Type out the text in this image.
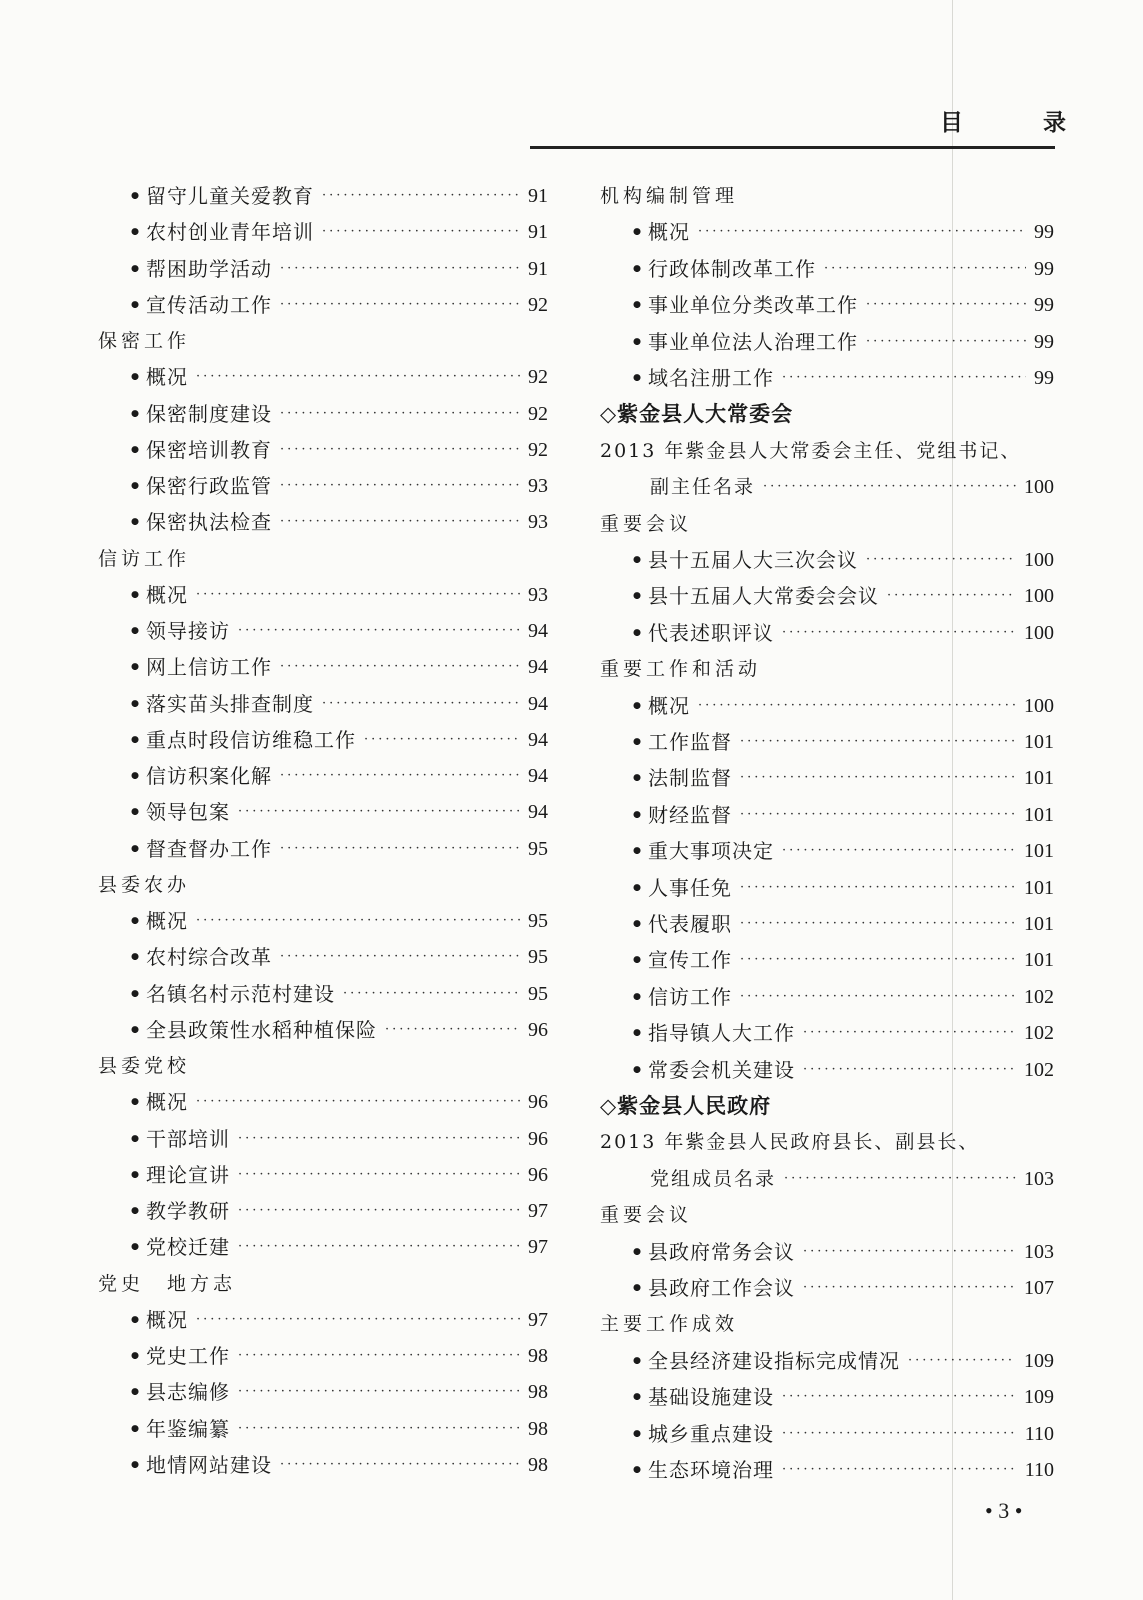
目 录
• 留守儿童关爱教育 ·····	91
• 农村创业青年培训 ·····	91
• 帮困助学活动 ·····	91
• 宣传活动工作 ·····	92
保密工作
• 概况 ·····	92
• 保密制度建设 ·····	92
• 保密培训教育 ·····	92
• 保密行政监管 ·····	93
• 保密执法检查 ·····	93
信访工作
• 概况 ·····	93
• 领导接访 ·····	94
• 网上信访工作 ·····	94
• 落实苗头排查制度 ·····	94
• 重点时段信访维稳工作 ·····	94
• 信访积案化解 ·····	94
• 领导包案 ·····	94
• 督查督办工作 ·····	95
县委农办
• 概况 ·····	95
• 农村综合改革 ·····	95
• 名镇名村示范村建设 ·····	95
• 全县政策性水稻种植保险 ·····	96
县委党校
• 概况 ·····	96
• 干部培训 ·····	96
• 理论宣讲 ·····	96
• 教学教研 ·····	97
• 党校迁建 ·····	97
党史　地方志
• 概况 ·····	97
• 党史工作 ·····	98
• 县志编修 ·····	98
• 年鉴编纂 ·····	98
• 地情网站建设 ·····	98
机构编制管理
• 概况 ·····	99
• 行政体制改革工作 ·····	99
• 事业单位分类改革工作 ·····	99
• 事业单位法人治理工作 ·····	99
• 域名注册工作 ·····	99
◇紫金县人大常委会
2013 年紫金县人大常委会主任、党组书记、
副主任名录 ·····	100
重要会议
• 县十五届人大三次会议 ·····	100
• 县十五届人大常委会会议 ·····	100
• 代表述职评议 ·····	100
重要工作和活动
• 概况 ·····	100
• 工作监督 ·····	101
• 法制监督 ·····	101
• 财经监督 ·····	101
• 重大事项决定 ·····	101
• 人事任免 ·····	101
• 代表履职 ·····	101
• 宣传工作 ·····	101
• 信访工作 ·····	102
• 指导镇人大工作 ·····	102
• 常委会机关建设 ·····	102
◇紫金县人民政府
2013 年紫金县人民政府县长、副县长、
党组成员名录 ·····	103
重要会议
• 县政府常务会议 ·····	103
• 县政府工作会议 ·····	107
主要工作成效
• 全县经济建设指标完成情况 ·····	109
• 基础设施建设 ·····	109
• 城乡重点建设 ·····	110
• 生态环境治理 ·····	110
• 3 •
